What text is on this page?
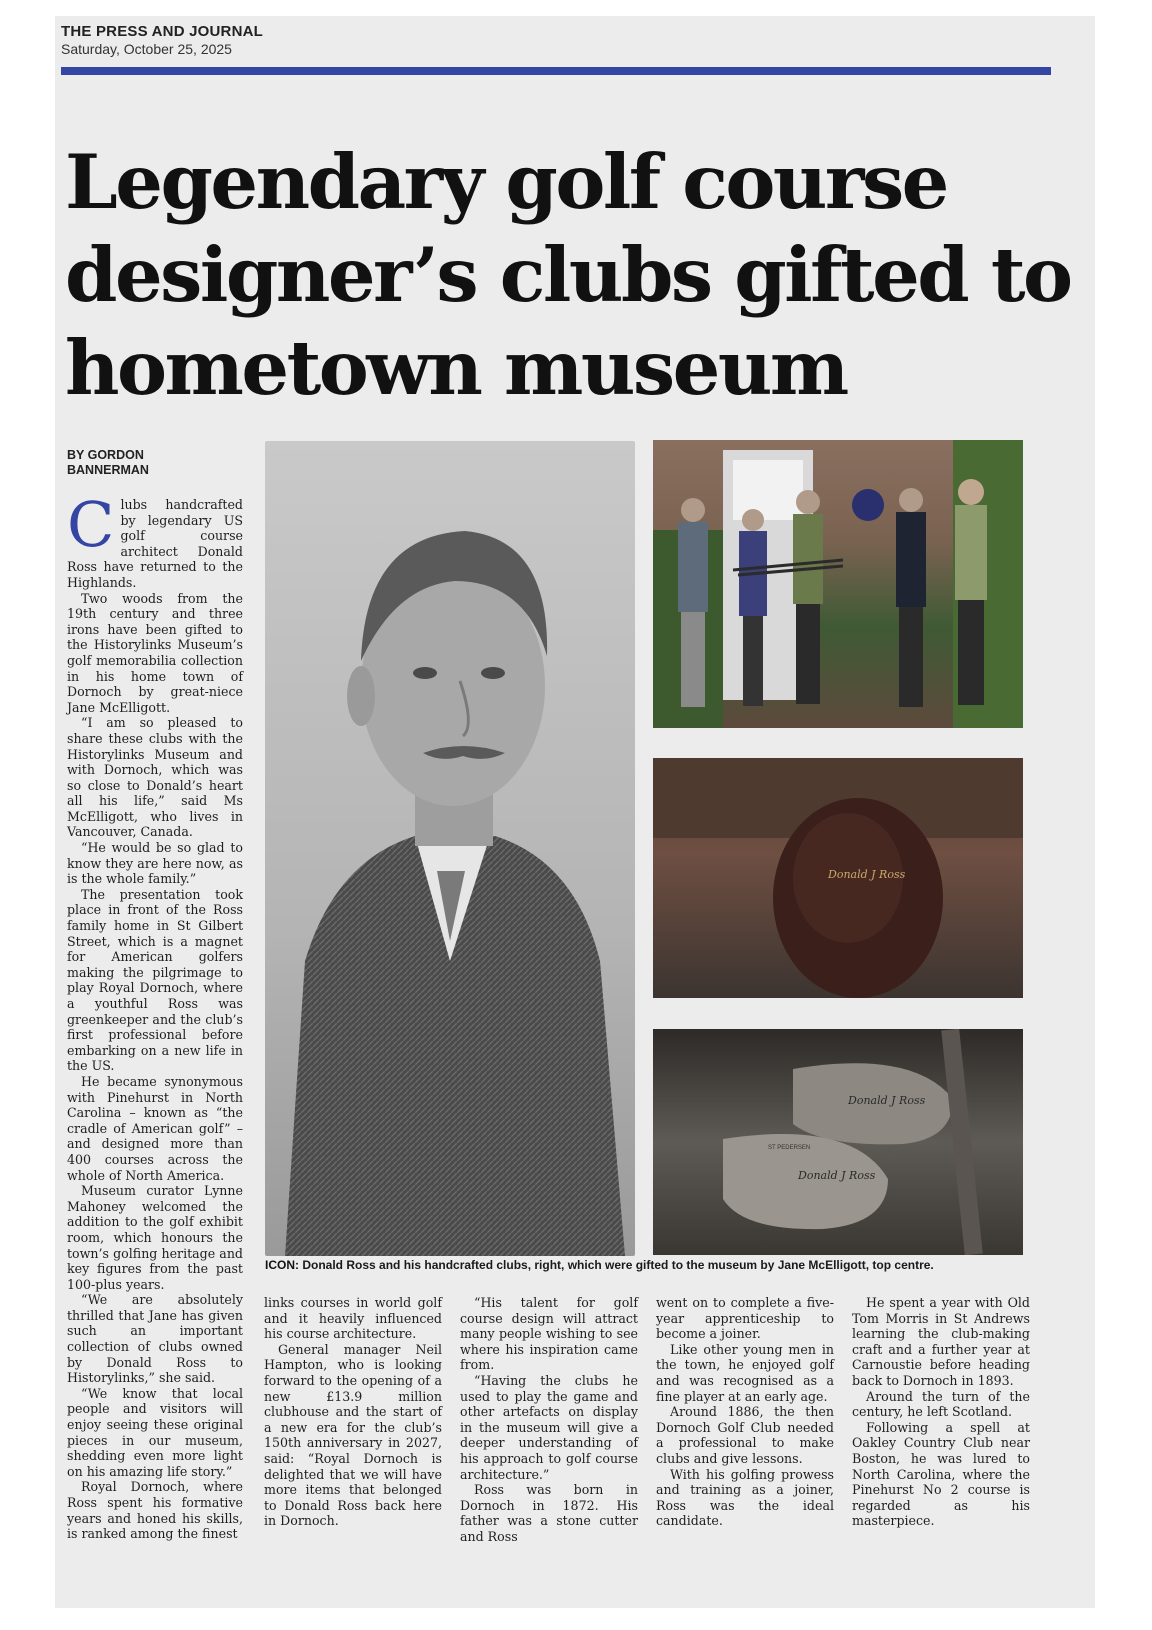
THE PRESS AND JOURNAL
Saturday, October 25, 2025
Legendary golf course designer’s clubs gifted to hometown museum
BY GORDON BANNERMAN

Clubs handcrafted by legendary US golf course architect Donald Ross have returned to the Highlands.

Two woods from the 19th century and three irons have been gifted to the Historylinks Museum’s golf memorabilia collection in his home town of Dornoch by great-niece Jane McElligott.

“I am so pleased to share these clubs with the Historylinks Museum and with Dornoch, which was so close to Donald’s heart all his life,” said Ms McElligott, who lives in Vancouver, Canada.

“He would be so glad to know they are here now, as is the whole family.”

The presentation took place in front of the Ross family home in St Gilbert Street, which is a magnet for American golfers making the pilgrimage to play Royal Dornoch, where a youthful Ross was greenkeeper and the club’s first professional before embarking on a new life in the US.

He became synonymous with Pinehurst in North Carolina – known as “the cradle of American golf” – and designed more than 400 courses across the whole of North America.

Museum curator Lynne Mahoney welcomed the addition to the golf exhibit room, which honours the town’s golfing heritage and key figures from the past 100-plus years.

“We are absolutely thrilled that Jane has given such an important collection of clubs owned by Donald Ross to Historylinks,” she said.

“We know that local people and visitors will enjoy seeing these original pieces in our museum, shedding even more light on his amazing life story.”

Royal Dornoch, where Ross spent his formative years and honed his skills, is ranked among the finest

Donald J Ross
Donald J Ross
Donald J Ross
ST PEDERSEN
ICON: Donald Ross and his handcrafted clubs, right, which were gifted to the museum by Jane McElligott, top centre.

links courses in world golf and it heavily influenced his course architecture.

General manager Neil Hampton, who is looking forward to the opening of a new £13.9 million clubhouse and the start of a new era for the club’s 150th anniversary in 2027, said: “Royal Dornoch is delighted that we will have more items that belonged to Donald Ross back here in Dornoch.

“His talent for golf course design will attract many people wishing to see where his inspiration came from.

“Having the clubs he used to play the game and other artefacts on display in the museum will give a deeper understanding of his approach to golf course architecture.”

Ross was born in Dornoch in 1872. His father was a stone cutter and Ross

went on to complete a five-year apprenticeship to become a joiner.

Like other young men in the town, he enjoyed golf and was recognised as a fine player at an early age.

Around 1886, the then Dornoch Golf Club needed a professional to make clubs and give lessons.

With his golfing prowess and training as a joiner, Ross was the ideal candidate.

He spent a year with Old Tom Morris in St Andrews learning the club-making craft and a further year at Carnoustie before heading back to Dornoch in 1893.

Around the turn of the century, he left Scotland.

Following a spell at Oakley Country Club near Boston, he was lured to North Carolina, where the Pinehurst No 2 course is regarded as his masterpiece.
